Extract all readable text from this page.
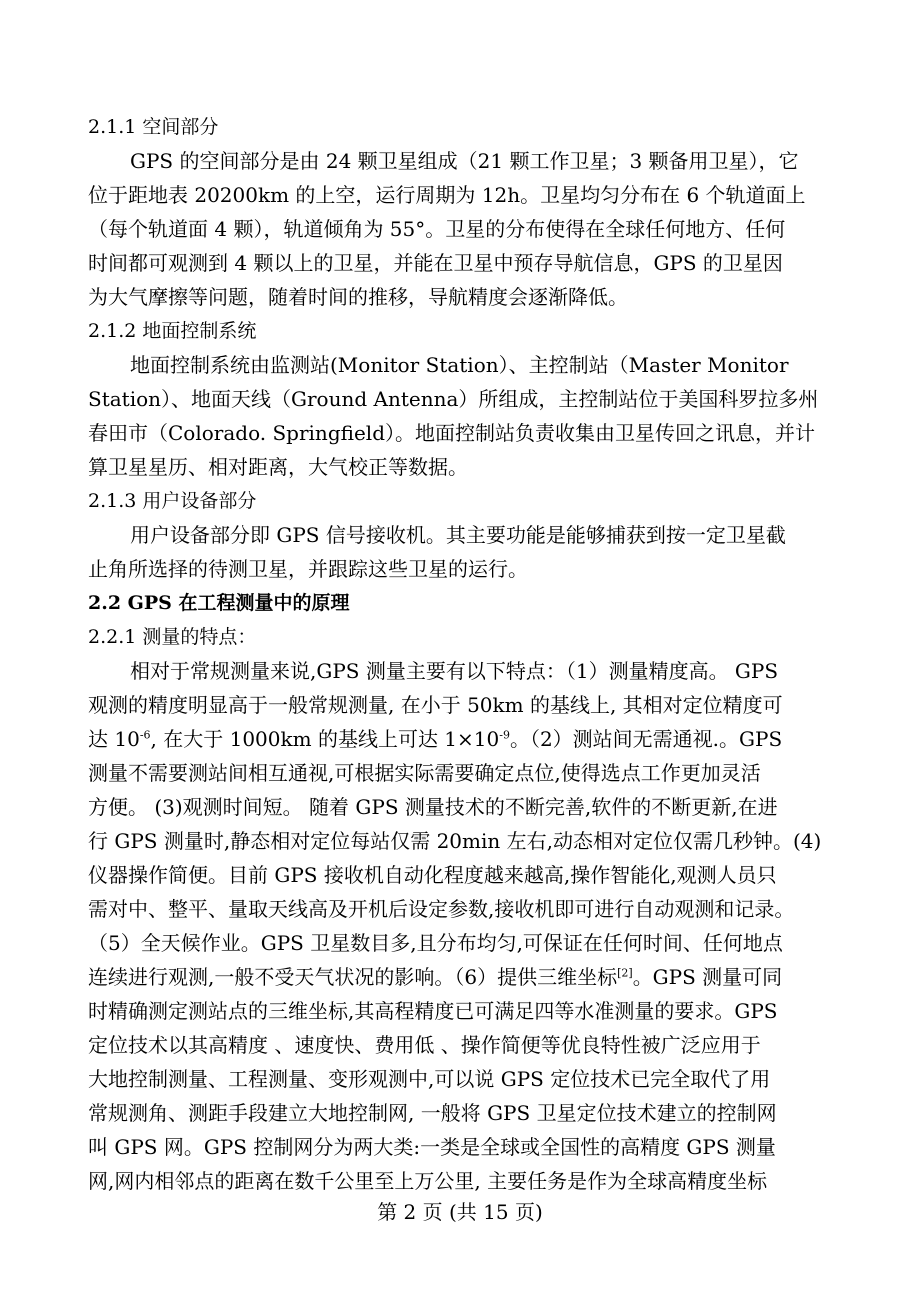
2.1.1 空间部分
GPS 的空间部分是由 24 颗卫星组成（21 颗工作卫星；3 颗备用卫星），它
位于距地表 20200km 的上空，运行周期为 12h。卫星均匀分布在 6 个轨道面上
（每个轨道面 4 颗），轨道倾角为 55°。卫星的分布使得在全球任何地方、任何
时间都可观测到 4 颗以上的卫星，并能在卫星中预存导航信息，GPS 的卫星因
为大气摩擦等问题，随着时间的推移，导航精度会逐渐降低。
2.1.2 地面控制系统
地面控制系统由监测站(Monitor Station）、主控制站（Master Monitor
Station）、地面天线（Ground Antenna）所组成，主控制站位于美国科罗拉多州
春田市（Colorado. Springfield）。地面控制站负责收集由卫星传回之讯息，并计
算卫星星历、相对距离，大气校正等数据。
2.1.3 用户设备部分
用户设备部分即 GPS 信号接收机。其主要功能是能够捕获到按一定卫星截
止角所选择的待测卫星，并跟踪这些卫星的运行。
2.2 GPS 在工程测量中的原理
2.2.1 测量的特点：
相对于常规测量来说,GPS 测量主要有以下特点：（1）测量精度高。 GPS
观测的精度明显高于一般常规测量, 在小于 50km 的基线上, 其相对定位精度可
达 $10^{-6}$, 在大于 1000km 的基线上可达 $1\times 10^{-9}$。（2）测站间无需通视.。GPS
测量不需要测站间相互通视,可根据实际需要确定点位,使得选点工作更加灵活
方便。 (3)观测时间短。 随着 GPS 测量技术的不断完善,软件的不断更新,在进
行 GPS 测量时,静态相对定位每站仅需 20min 左右,动态相对定位仅需几秒钟。(4)
仪器操作简便。目前 GPS 接收机自动化程度越来越高,操作智能化,观测人员只
需对中、整平、量取天线高及开机后设定参数,接收机即可进行自动观测和记录。
（5）全天候作业。GPS 卫星数目多,且分布均匀,可保证在任何时间、任何地点
连续进行观测,一般不受天气状况的影响。（6）提供三维坐标[2]。GPS 测量可同
时精确测定测站点的三维坐标,其高程精度已可满足四等水准测量的要求。GPS
定位技术以其高精度 、速度快、费用低 、操作简便等优良特性被广泛应用于
大地控制测量、工程测量、变形观测中,可以说 GPS 定位技术已完全取代了用
常规测角、测距手段建立大地控制网, 一般将 GPS 卫星定位技术建立的控制网
叫 GPS 网。GPS 控制网分为两大类:一类是全球或全国性的高精度 GPS 测量
网,网内相邻点的距离在数千公里至上万公里, 主要任务是作为全球高精度坐标
第 2 页 (共 15 页)
